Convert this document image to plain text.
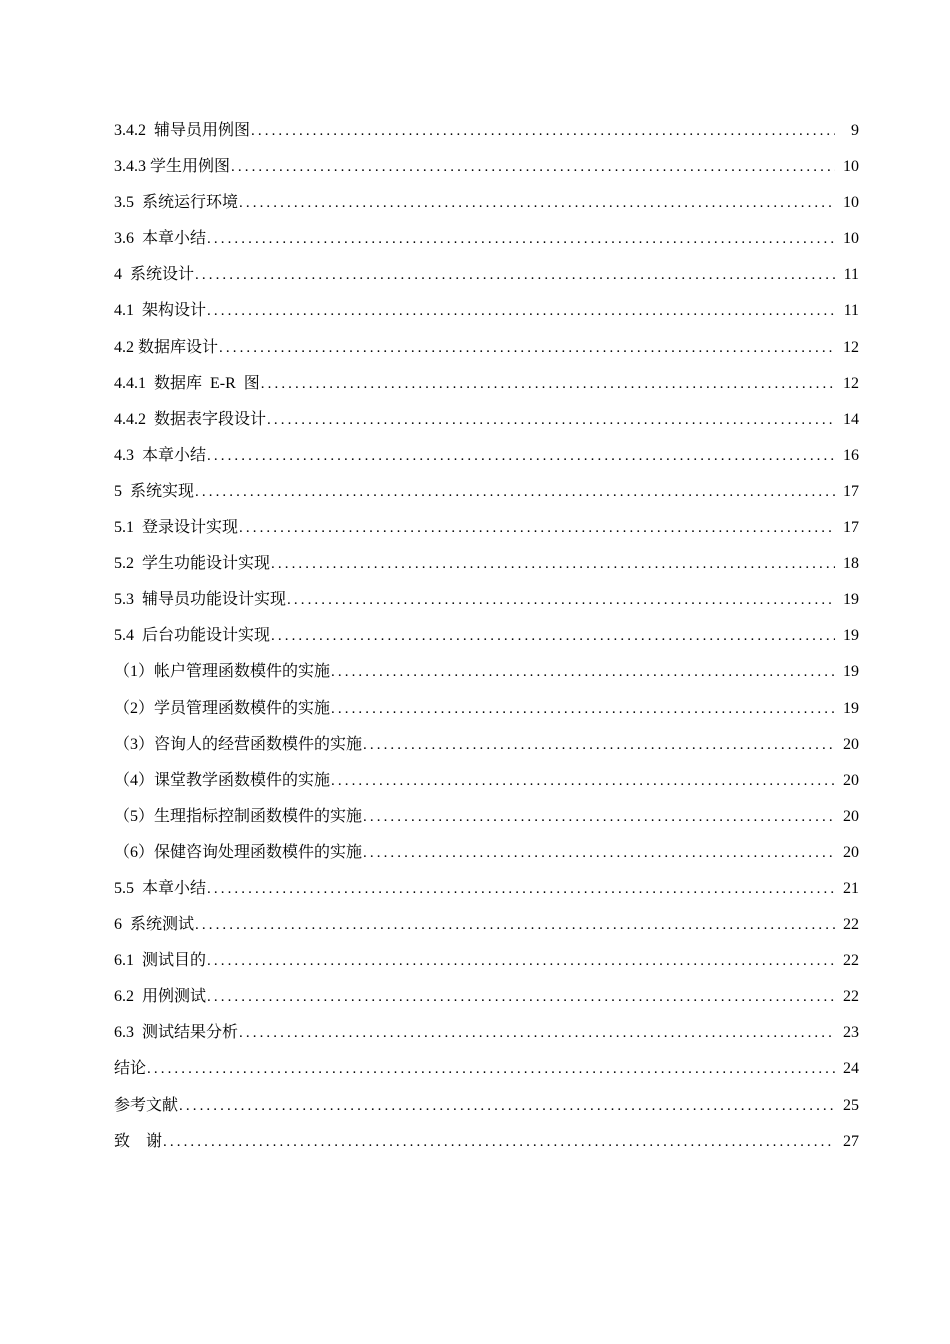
3.4.2  辅导员用例图 .....	9
3.4.3 学生用例图 .....	10
3.5  系统运行环境 .....	10
3.6  本章小结 .....	10
4  系统设计 .....	11
4.1  架构设计 .....	11
4.2 数据库设计 .....	12
4.4.1  数据库  E-R  图 .....	12
4.4.2  数据表字段设计 .....	14
4.3  本章小结 .....	16
5  系统实现 .....	17
5.1  登录设计实现 .....	17
5.2  学生功能设计实现 .....	18
5.3  辅导员功能设计实现 .....	19
5.4  后台功能设计实现 .....	19
（1）帐户管理函数模件的实施 .....	19
（2）学员管理函数模件的实施 .....	19
（3）咨询人的经营函数模件的实施 .....	20
（4）课堂教学函数模件的实施 .....	20
（5）生理指标控制函数模件的实施 .....	20
（6）保健咨询处理函数模件的实施 .....	20
5.5  本章小结 .....	21
6  系统测试 .....	22
6.1  测试目的 .....	22
6.2  用例测试 .....	22
6.3  测试结果分析 .....	23
结论 .....	24
参考文献 .....	25
致    谢 .....	27
